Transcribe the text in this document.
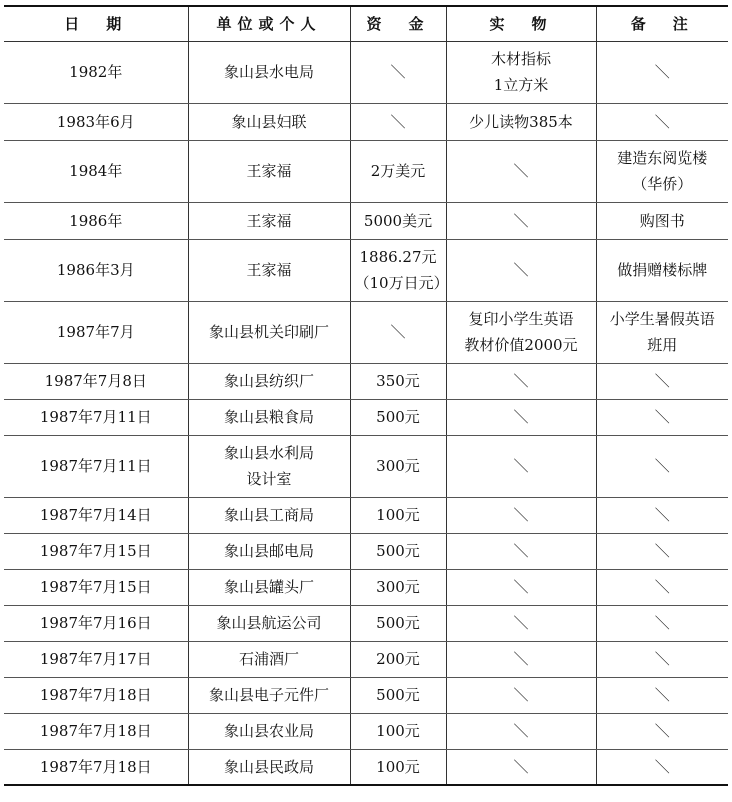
日　期	单位或个人	资　金	实　物	备　注
1982年	象山县水电局	＼	木材指标
1立方米	＼

1983年6月	象山县妇联	＼	少儿读物385本	＼

1984年	王家福	2万美元	＼	建造东阅览楼
（华侨）

1986年	王家福	5000美元	＼	购图书

1986年3月	王家福	1886.27元
（10万日元）	＼	做捐赠楼标牌

1987年7月	象山县机关印刷厂	＼	复印小学生英语
教材价值2000元	小学生暑假英语
班用

1987年7月8日	象山县纺织厂	350元	＼	＼

1987年7月11日	象山县粮食局	500元	＼	＼

1987年7月11日	象山县水利局
设计室	300元	＼	＼

1987年7月14日	象山县工商局	100元	＼	＼

1987年7月15日	象山县邮电局	500元	＼	＼

1987年7月15日	象山县罐头厂	300元	＼	＼

1987年7月16日	象山县航运公司	500元	＼	＼

1987年7月17日	石浦酒厂	200元	＼	＼

1987年7月18日	象山县电子元件厂	500元	＼	＼

1987年7月18日	象山县农业局	100元	＼	＼

1987年7月18日	象山县民政局	100元	＼	＼
